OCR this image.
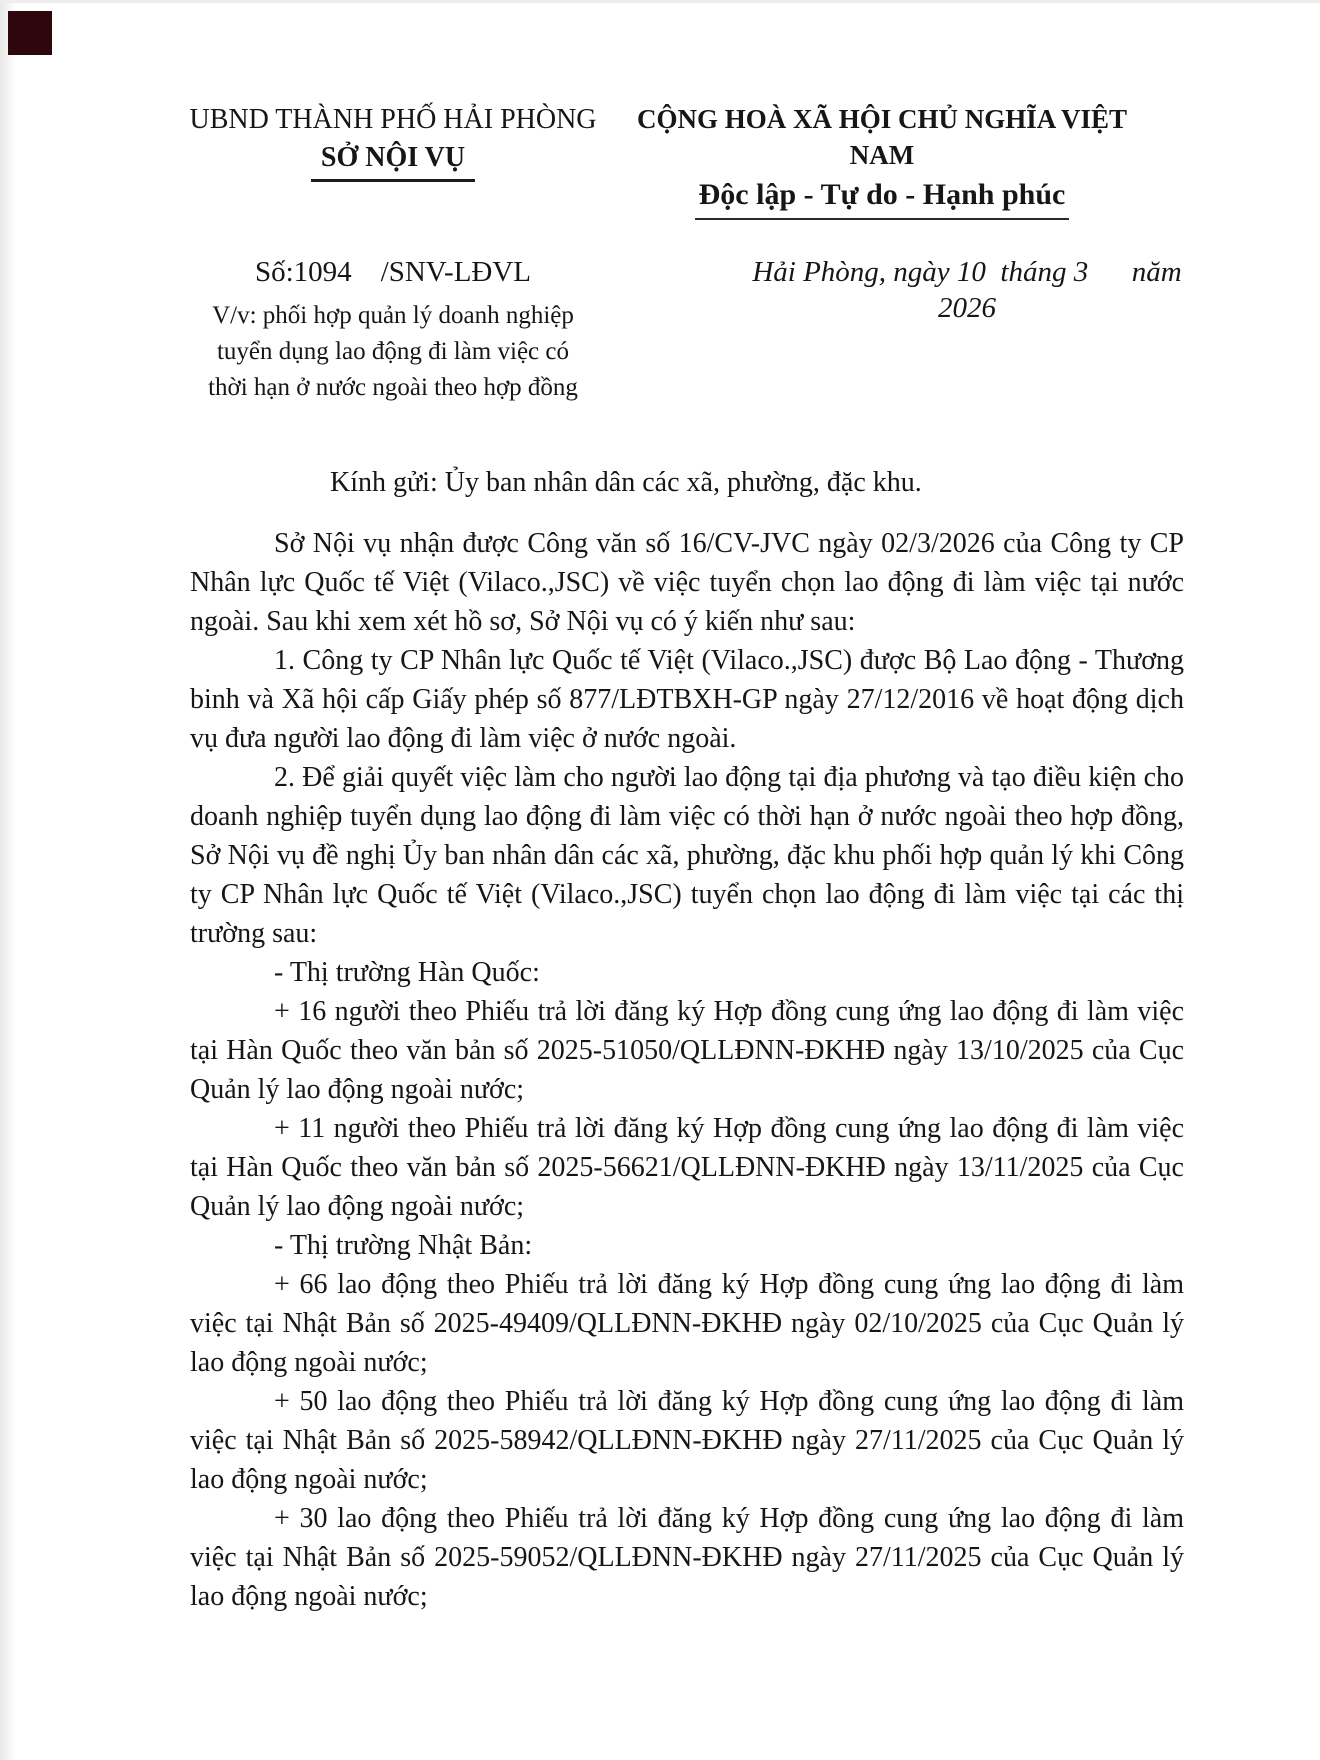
UBND THÀNH PHỐ HẢI PHÒNG
SỞ NỘI VỤ
CỘNG HOÀ XÃ HỘI CHỦ NGHĨA VIỆT NAM
Độc lập - Tự do - Hạnh phúc
Số:1094    /SNV-LĐVL
V/v: phối hợp quản lý doanh nghiệp
tuyển dụng lao động đi làm việc có
thời hạn ở nước ngoài theo hợp đồng
Hải Phòng, ngày 10  tháng 3      năm 2026
Kính gửi: Ủy ban nhân dân các xã, phường, đặc khu.

Sở Nội vụ nhận được Công văn số 16/CV-JVC ngày 02/3/2026 của Công ty CP Nhân lực Quốc tế Việt (Vilaco.,JSC) về việc tuyển chọn lao động đi làm việc tại nước ngoài. Sau khi xem xét hồ sơ, Sở Nội vụ có ý kiến như sau:

1. Công ty CP Nhân lực Quốc tế Việt (Vilaco.,JSC) được Bộ Lao động - Thương binh và Xã hội cấp Giấy phép số 877/LĐTBXH-GP ngày 27/12/2016 về hoạt động dịch vụ đưa người lao động đi làm việc ở nước ngoài.

2. Để giải quyết việc làm cho người lao động tại địa phương và tạo điều kiện cho doanh nghiệp tuyển dụng lao động đi làm việc có thời hạn ở nước ngoài theo hợp đồng, Sở Nội vụ đề nghị Ủy ban nhân dân các xã, phường, đặc khu phối hợp quản lý khi Công ty CP Nhân lực Quốc tế Việt (Vilaco.,JSC) tuyển chọn lao động đi làm việc tại các thị trường sau:

- Thị trường Hàn Quốc:

+ 16 người theo Phiếu trả lời đăng ký Hợp đồng cung ứng lao động đi làm việc tại Hàn Quốc theo văn bản số 2025-51050/QLLĐNN-ĐKHĐ ngày 13/10/2025 của Cục Quản lý lao động ngoài nước;

+ 11 người theo Phiếu trả lời đăng ký Hợp đồng cung ứng lao động đi làm việc tại Hàn Quốc theo văn bản số 2025-56621/QLLĐNN-ĐKHĐ ngày 13/11/2025 của Cục Quản lý lao động ngoài nước;

- Thị trường Nhật Bản:

+ 66 lao động theo Phiếu trả lời đăng ký Hợp đồng cung ứng lao động đi làm việc tại Nhật Bản số 2025-49409/QLLĐNN-ĐKHĐ ngày 02/10/2025 của Cục Quản lý lao động ngoài nước;

+ 50 lao động theo Phiếu trả lời đăng ký Hợp đồng cung ứng lao động đi làm việc tại Nhật Bản số 2025-58942/QLLĐNN-ĐKHĐ ngày 27/11/2025 của Cục Quản lý lao động ngoài nước;

+ 30 lao động theo Phiếu trả lời đăng ký Hợp đồng cung ứng lao động đi làm việc tại Nhật Bản số 2025-59052/QLLĐNN-ĐKHĐ ngày 27/11/2025 của Cục Quản lý lao động ngoài nước;
